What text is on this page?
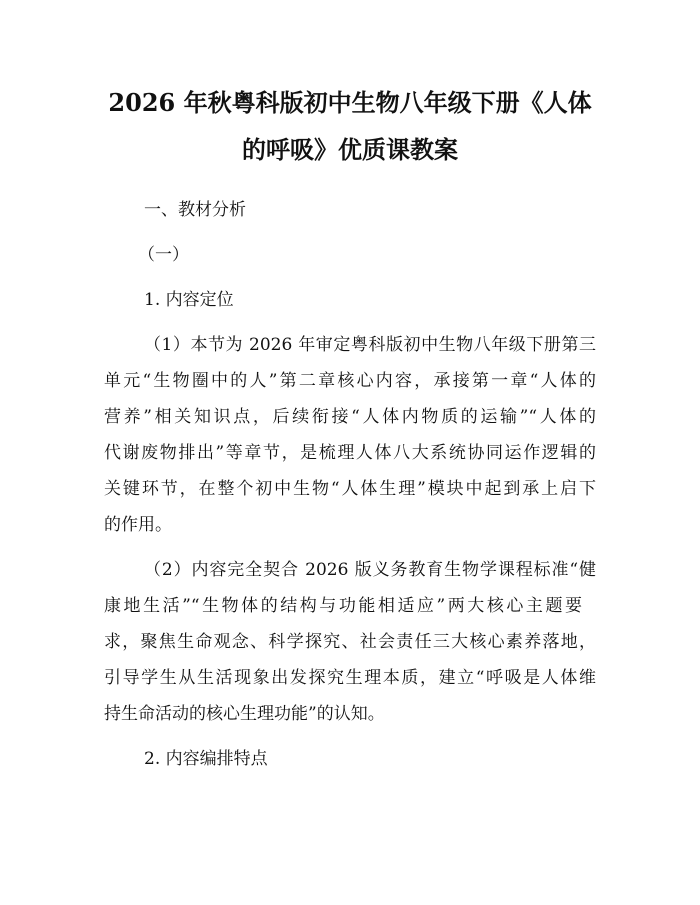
2026 年秋粤科版初中生物八年级下册《人体
的呼吸》优质课教案
一、教材分析
（一）
1. 内容定位
（1）本节为 2026 年审定粤科版初中生物八年级下册第三
单元“生物圈中的人”第二章核心内容，承接第一章“人体的
营养”相关知识点，后续衔接“人体内物质的运输”“人体的
代谢废物排出”等章节，是梳理人体八大系统协同运作逻辑的
关键环节，在整个初中生物“人体生理”模块中起到承上启下
的作用。
（2）内容完全契合 2026 版义务教育生物学课程标准“健
康地生活”“生物体的结构与功能相适应”两大核心主题要
求，聚焦生命观念、科学探究、社会责任三大核心素养落地，
引导学生从生活现象出发探究生理本质，建立“呼吸是人体维
持生命活动的核心生理功能”的认知。
2. 内容编排特点
